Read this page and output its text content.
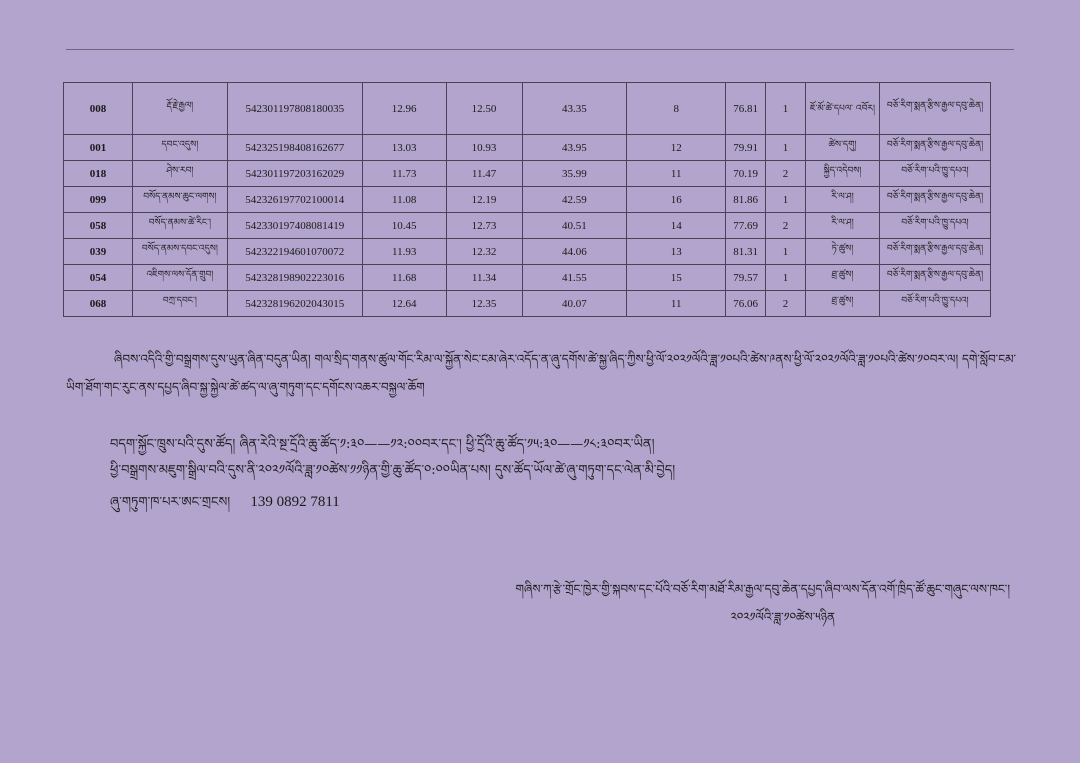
008	རྡོ་རྗེ་རྒྱལ།	542301197808180035	12.96	12.50	43.35	8	76.81	1	ཇོ་མོ་ཚེ་དཔལ་ འབོར།	བཅོ་རིག་སྨན་རྩིས་རྒྱལ་དབུ་ཆེན།
001	དབང་འདུས།	542325198408162677	13.03	10.93	43.95	12	79.91	1	ཚེས་དགུ།	བཅོ་རིག་སྨན་རྩིས་རྒྱལ་དབུ་ཆེན།
018	ཤེས་རབ།	542301197203162029	11.73	11.47	35.99	11	70.19	2	སྐྱིད་འདེབས།	བཅོ་རིག་པའི་ཁྱུ་དཔའ།
099	བསོད་ནམས་ཆུང་ལགས།	542326197702100014	11.08	12.19	42.59	16	81.86	1	རི་ལ་ཤ།	བཅོ་རིག་སྨན་རྩིས་རྒྱལ་དབུ་ཆེན།
058	བསོད་ནམས་ཚེ་རིང་།	542330197408081419	10.45	12.73	40.51	14	77.69	2	རི་ལ་ཤ།	བཅོ་རིག་པའི་ཁྱུ་དཔའ།
039	བསོད་ནམས་དབང་འདུས།	542322194601070072	11.93	12.32	44.06	13	81.31	1	ཏེ་ཚུས།	བཅོ་རིག་སྨན་རྩིས་རྒྱལ་དབུ་ཆེན།
054	འཇིགས་ལས་དོན་གྲུབ།	542328198902223016	11.68	11.34	41.55	15	79.57	1	ཐྲ་ཚུས།	བཅོ་རིག་སྨན་རྩིས་རྒྱལ་དབུ་ཆེན།
068	བཀྲ་དབང་།	542328196202043015	12.64	12.35	40.07	11	76.06	2	ཐྲ་ཚུས།	བཅོ་རིག་པའི་ཁྱུ་དཔའ།
ཞིབས་འདིའི་གྱི་བསྒྲགས་དུས་ཡུན་ཞིན་བདུན་ཡིན། གལ་སྲིད་གནས་ཚུལ་གོང་རིམ་ལ་སྐྱོན་སེང་ངམ་ཞེར་འདོད་ན་ཞུ་དགོས་ཚེ་སྐྱ་ཞིད་ཀྱིས་ཕྱི་ལོ་༢༠༢༡ལོའི་ཟླ་༡༠པའི་ཚེས་༩ནས་ཕྱི་ལོ་༢༠༢༡ལོའི་ཟླ་༡༠པའི་ཚེས་༡༠བར་ལ། དགེ་སློབ་ངམ་ཡིག་ཐོག་གང་རུང་ནས་དཔྱད་ཞིབ་སྐྱ་སྐྱེལ་ཚེ་ཚད་ལ་ཞུ་གཏུག་དང་དགོངས་འཆར་བསྐྱལ་ཆོག
བདག་སྐྱོང་ཁྲུས་པའི་དུས་ཚོད། ཞིན་རེའི་སྔ་དྲོའི་ཆུ་ཚོད་༡:༣༠——༡༢:༠༠བར་དང་། ཕྱི་དྲོའི་ཆུ་ཚོད་༡༥:༣༠——༡༨:༣༠བར་ཡིན།
ཕྱི་བསྒྲགས་མཇུག་སྒྲིལ་བའི་དུས་ནི་༢༠༢༡ལོའི་ཟླ་༡༠ཚེས་༡༡ཉིན་གྱི་ཆུ་ཚོད་༠:༠༠ཡིན་པས། དུས་ཚོད་ཡོལ་ཚེ་ཞུ་གཏུག་དང་ལེན་མི་བྱེད།
ཞུ་གཏུག་ཁ་པར་ཨང་གྲངས། 139 0892 7811
གཞིས་ཀ་རྩེ་གྲོང་ཁྱེར་གྱི་སྐབས་དང་པོའི་བཅོ་རིག་མཐོ་རིམ་རྒྱལ་དབུ་ཆེན་དཔྱད་ཞིབ་ལས་དོན་འགོ་ཁྲིད་ཚོ་ཆུང་གཞུང་ལས་ཁང་།
༢༠༢༡ལོའི་ཟླ་༡༠ཚེས་༥ཉིན
